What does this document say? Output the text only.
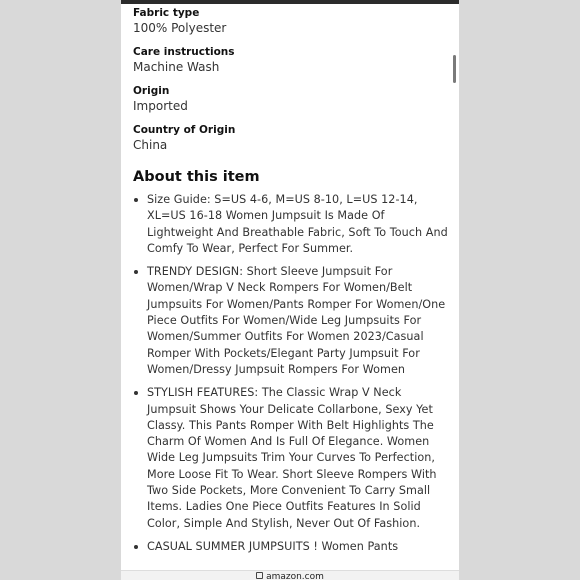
Fabric type
100% Polyester
Care instructions
Machine Wash
Origin
Imported
Country of Origin
China
About this item
Size Guide: S=US 4-6, M=US 8-10, L=US 12-14, XL=US 16-18 Women Jumpsuit Is Made Of Lightweight And Breathable Fabric, Soft To Touch And Comfy To Wear, Perfect For Summer.
TRENDY DESIGN: Short Sleeve Jumpsuit For Women/Wrap V Neck Rompers For Women/Belt Jumpsuits For Women/Pants Romper For Women/One Piece Outfits For Women/Wide Leg Jumpsuits For Women/Summer Outfits For Women 2023/Casual Romper With Pockets/Elegant Party Jumpsuit For Women/Dressy Jumpsuit Rompers For Women
STYLISH FEATURES: The Classic Wrap V Neck Jumpsuit Shows Your Delicate Collarbone, Sexy Yet Classy. This Pants Romper With Belt Highlights The Charm Of Women And Is Full Of Elegance. Women Wide Leg Jumpsuits Trim Your Curves To Perfection, More Loose Fit To Wear. Short Sleeve Rompers With Two Side Pockets, More Convenient To Carry Small Items. Ladies One Piece Outfits Features In Solid Color, Simple And Stylish, Never Out Of Fashion.
CASUAL SUMMER JUMPSUITS ! Women Pants
amazon.com
